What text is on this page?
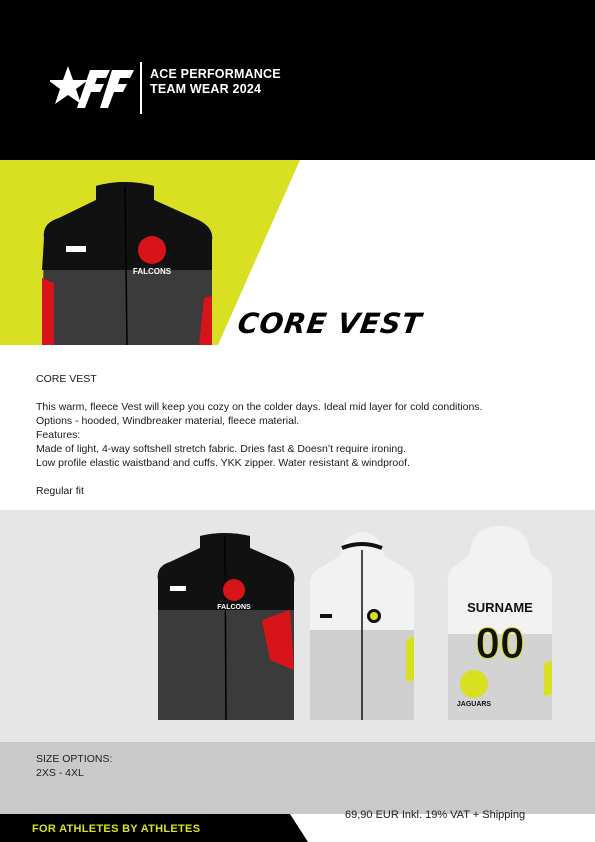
ACE PERFORMANCE
TEAM WEAR 2024
FALCONS
CORE VEST

CORE VEST

This warm, fleece Vest will keep you cozy on the colder days. Ideal mid layer for cold conditions.

Options - hooded, Windbreaker material, fleece material.

Features:

Made of light, 4-way softshell stretch fabric. Dries fast & Doesn’t require ironing.

Low profile elastic waistband and cuffs. YKK zipper. Water resistant & windproof.

Regular fit

FALCONS	SURNAME
00
JAGUARS
SIZE OPTIONS:
2XS - 4XL
FOR ATHLETES BY ATHLETES
69,90 EUR Inkl. 19% VAT + Shipping
